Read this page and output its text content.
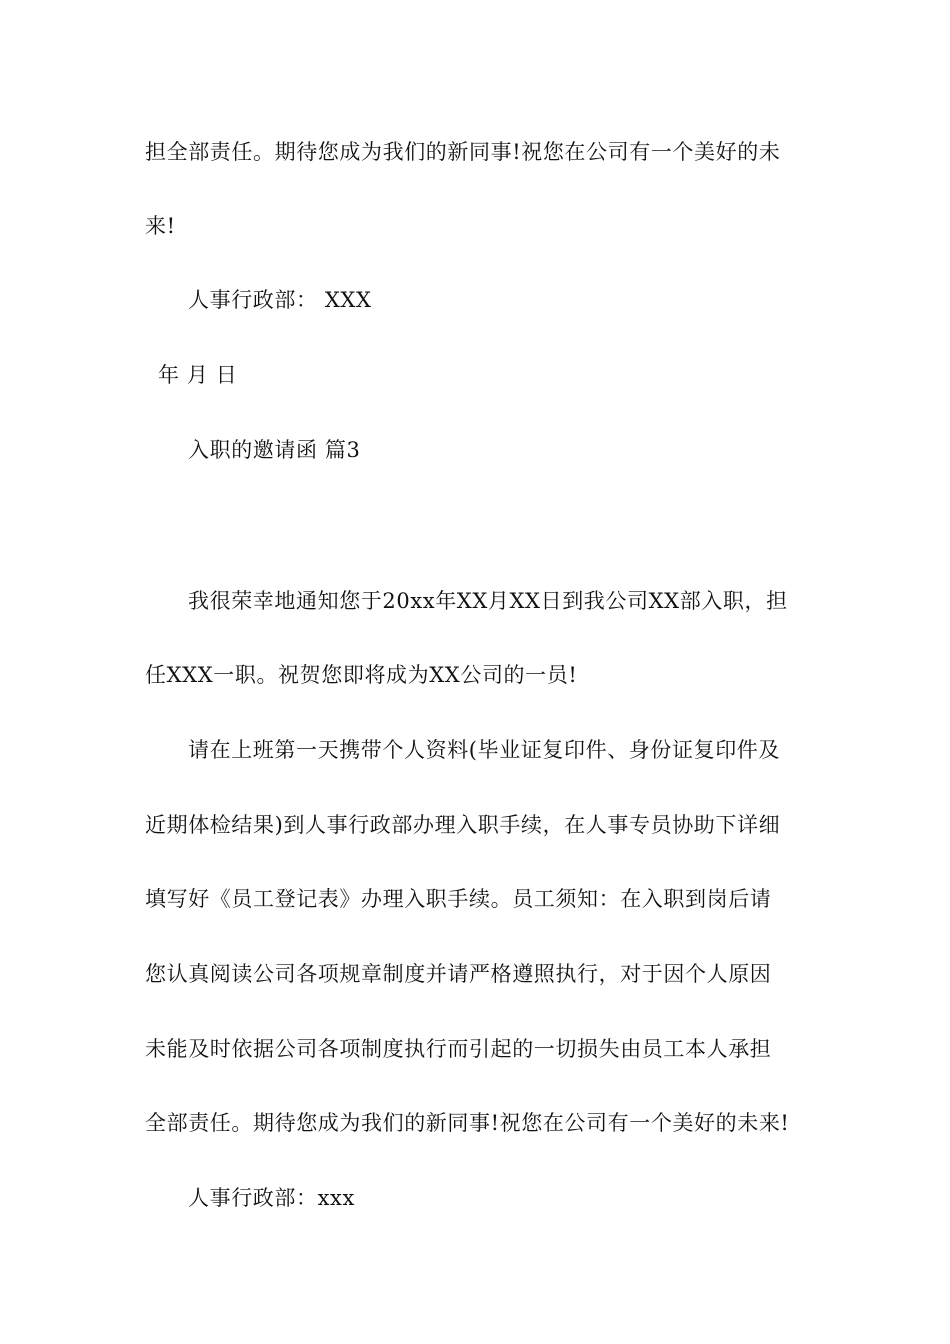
担全部责任。期待您成为我们的新同事!祝您在公司有一个美好的未
来!
人事行政部： XXX
年 月 日
入职的邀请函 篇3
我很荣幸地通知您于20xx年XX月XX日到我公司XX部入职，担
任XXX一职。祝贺您即将成为XX公司的一员!
请在上班第一天携带个人资料(毕业证复印件、身份证复印件及
近期体检结果)到人事行政部办理入职手续，在人事专员协助下详细
填写好《员工登记表》办理入职手续。员工须知：在入职到岗后请
您认真阅读公司各项规章制度并请严格遵照执行，对于因个人原因
未能及时依据公司各项制度执行而引起的一切损失由员工本人承担
全部责任。期待您成为我们的新同事!祝您在公司有一个美好的未来!
人事行政部：xxx
